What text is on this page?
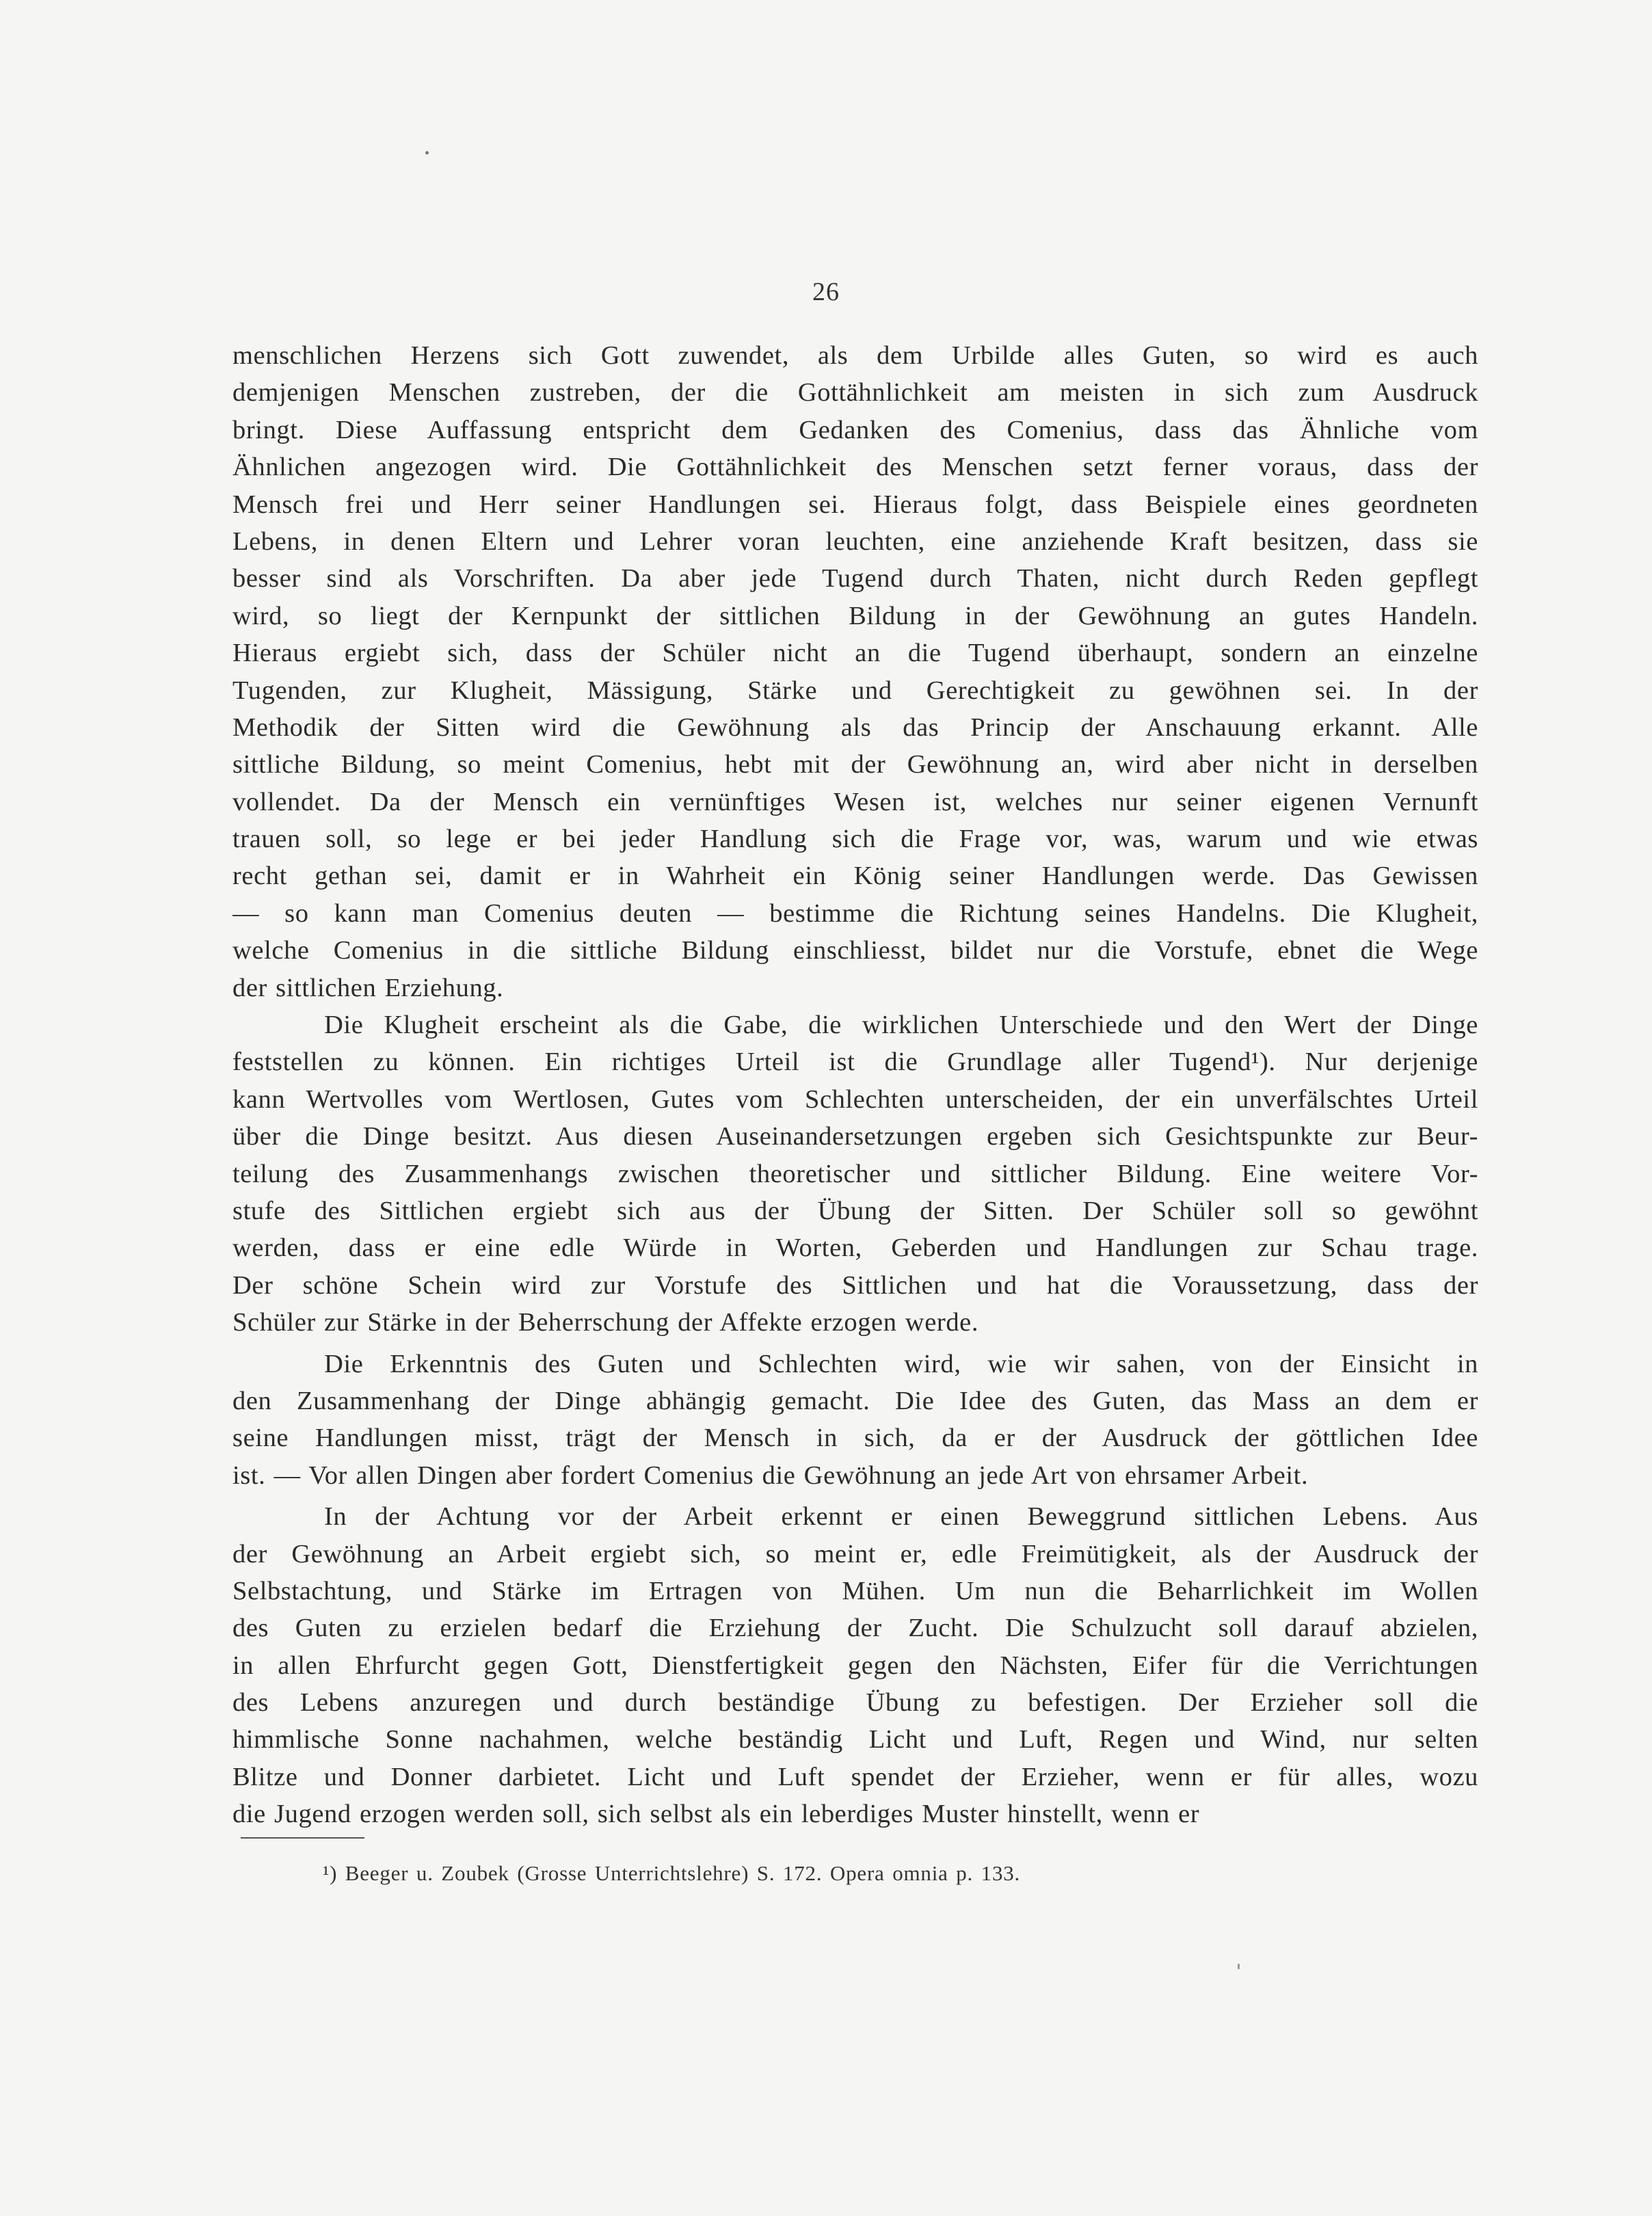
26
menschlichen Herzens sich Gott zuwendet, als dem Urbilde alles Guten, so wird es auch
demjenigen Menschen zustreben, der die Gottähnlichkeit am meisten in sich zum Ausdruck
bringt. Diese Auffassung entspricht dem Gedanken des Comenius, dass das Ähnliche vom
Ähnlichen angezogen wird. Die Gottähnlichkeit des Menschen setzt ferner voraus, dass der
Mensch frei und Herr seiner Handlungen sei. Hieraus folgt, dass Beispiele eines geordneten
Lebens, in denen Eltern und Lehrer voran leuchten, eine anziehende Kraft besitzen, dass sie
besser sind als Vorschriften. Da aber jede Tugend durch Thaten, nicht durch Reden gepflegt
wird, so liegt der Kernpunkt der sittlichen Bildung in der Gewöhnung an gutes Handeln.
Hieraus ergiebt sich, dass der Schüler nicht an die Tugend überhaupt, sondern an einzelne
Tugenden, zur Klugheit, Mässigung, Stärke und Gerechtigkeit zu gewöhnen sei. In der
Methodik der Sitten wird die Gewöhnung als das Princip der Anschauung erkannt. Alle
sittliche Bildung, so meint Comenius, hebt mit der Gewöhnung an, wird aber nicht in derselben
vollendet. Da der Mensch ein vernünftiges Wesen ist, welches nur seiner eigenen Vernunft
trauen soll, so lege er bei jeder Handlung sich die Frage vor, was, warum und wie etwas
recht gethan sei, damit er in Wahrheit ein König seiner Handlungen werde. Das Gewissen
— so kann man Comenius deuten — bestimme die Richtung seines Handelns. Die Klugheit,
welche Comenius in die sittliche Bildung einschliesst, bildet nur die Vorstufe, ebnet die Wege
der sittlichen Erziehung.
Die Klugheit erscheint als die Gabe, die wirklichen Unterschiede und den Wert der Dinge
feststellen zu können. Ein richtiges Urteil ist die Grundlage aller Tugend¹). Nur derjenige
kann Wertvolles vom Wertlosen, Gutes vom Schlechten unterscheiden, der ein unverfälschtes Urteil
über die Dinge besitzt. Aus diesen Auseinandersetzungen ergeben sich Gesichtspunkte zur Beur-
teilung des Zusammenhangs zwischen theoretischer und sittlicher Bildung. Eine weitere Vor-
stufe des Sittlichen ergiebt sich aus der Übung der Sitten. Der Schüler soll so gewöhnt
werden, dass er eine edle Würde in Worten, Geberden und Handlungen zur Schau trage.
Der schöne Schein wird zur Vorstufe des Sittlichen und hat die Voraussetzung, dass der
Schüler zur Stärke in der Beherrschung der Affekte erzogen werde.
Die Erkenntnis des Guten und Schlechten wird, wie wir sahen, von der Einsicht in
den Zusammenhang der Dinge abhängig gemacht. Die Idee des Guten, das Mass an dem er
seine Handlungen misst, trägt der Mensch in sich, da er der Ausdruck der göttlichen Idee
ist. — Vor allen Dingen aber fordert Comenius die Gewöhnung an jede Art von ehrsamer Arbeit.
In der Achtung vor der Arbeit erkennt er einen Beweggrund sittlichen Lebens. Aus
der Gewöhnung an Arbeit ergiebt sich, so meint er, edle Freimütigkeit, als der Ausdruck der
Selbstachtung, und Stärke im Ertragen von Mühen. Um nun die Beharrlichkeit im Wollen
des Guten zu erzielen bedarf die Erziehung der Zucht. Die Schulzucht soll darauf abzielen,
in allen Ehrfurcht gegen Gott, Dienstfertigkeit gegen den Nächsten, Eifer für die Verrichtungen
des Lebens anzuregen und durch beständige Übung zu befestigen. Der Erzieher soll die
himmlische Sonne nachahmen, welche beständig Licht und Luft, Regen und Wind, nur selten
Blitze und Donner darbietet. Licht und Luft spendet der Erzieher, wenn er für alles, wozu
die Jugend erzogen werden soll, sich selbst als ein leberdiges Muster hinstellt, wenn er
¹) Beeger u. Zoubek (Grosse Unterrichtslehre) S. 172. Opera omnia p. 133.
